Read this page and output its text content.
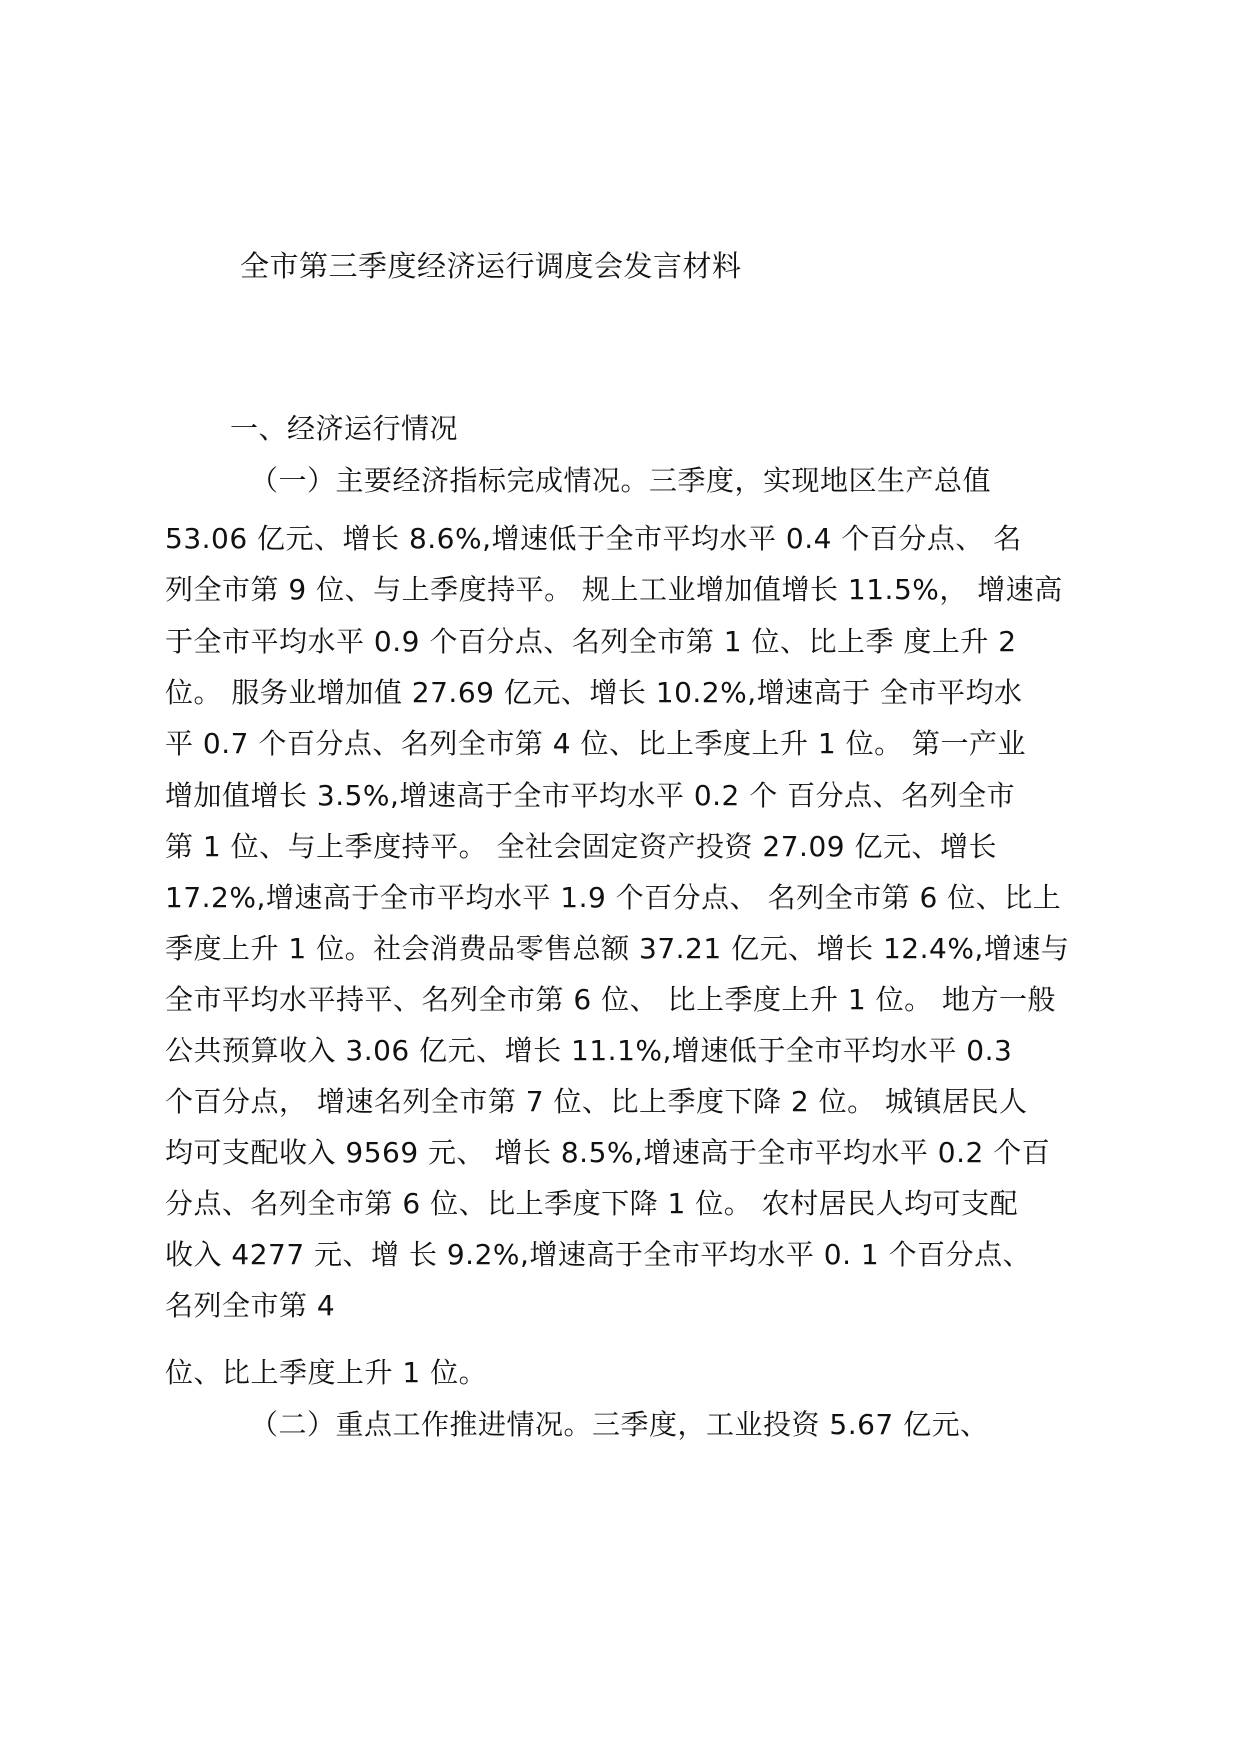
全市第三季度经济运行调度会发言材料
一、经济运行情况
（一）主要经济指标完成情况。三季度，实现地区生产总值
53.06 亿元、增长 8.6%,增速低于全市平均水平 0.4 个百分点、 名
列全市第 9 位、与上季度持平。 规上工业增加值增长 11.5%， 增速高
于全市平均水平 0.9 个百分点、名列全市第 1 位、比上季 度上升 2
位。 服务业增加值 27.69 亿元、增长 10.2%,增速高于 全市平均水
平 0.7 个百分点、名列全市第 4 位、比上季度上升 1 位。 第一产业
增加值增长 3.5%,增速高于全市平均水平 0.2 个 百分点、名列全市
第 1 位、与上季度持平。 全社会固定资产投资 27.09 亿元、增长
17.2%,增速高于全市平均水平 1.9 个百分点、 名列全市第 6 位、比上
季度上升 1 位。社会消费品零售总额 37.21 亿元、增长 12.4%,增速与
全市平均水平持平、名列全市第 6 位、 比上季度上升 1 位。 地方一般
公共预算收入 3.06 亿元、增长 11.1%,增速低于全市平均水平 0.3
个百分点， 增速名列全市第 7 位、比上季度下降 2 位。 城镇居民人
均可支配收入 9569 元、 增长 8.5%,增速高于全市平均水平 0.2 个百
分点、名列全市第 6 位、比上季度下降 1 位。 农村居民人均可支配
收入 4277 元、增 长 9.2%,增速高于全市平均水平 0. 1 个百分点、
名列全市第 4
位、比上季度上升 1 位。
（二）重点工作推进情况。三季度，工业投资 5.67 亿元、
